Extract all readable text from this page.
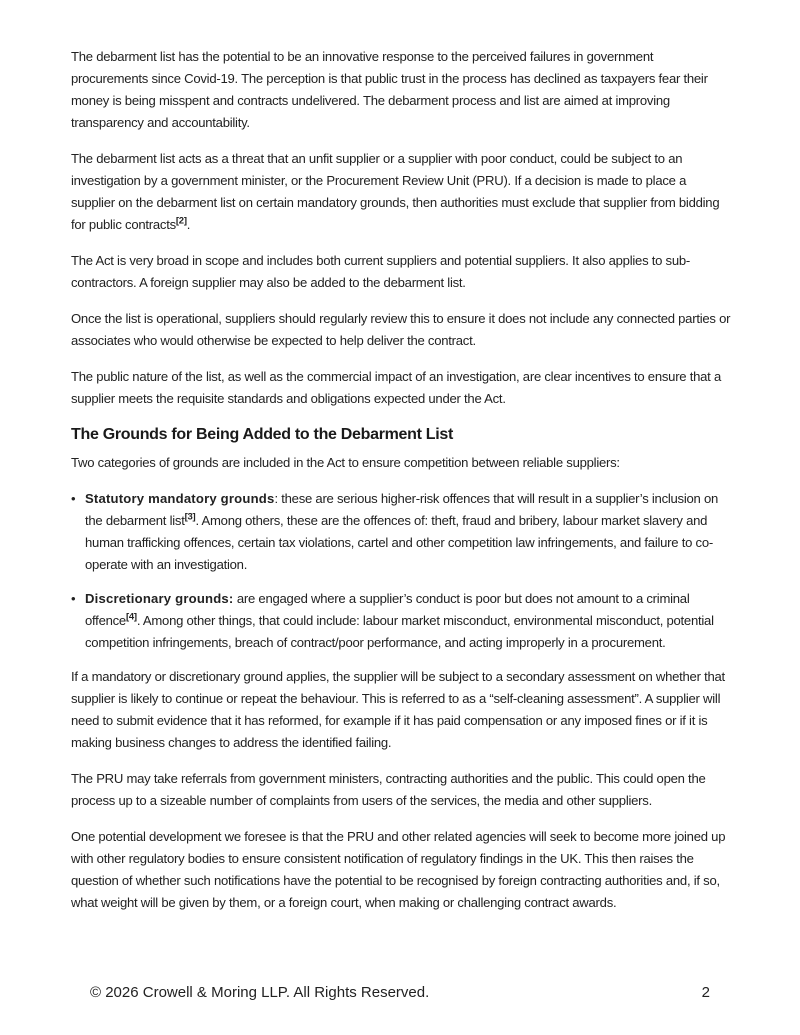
The debarment list has the potential to be an innovative response to the perceived failures in government procurements since Covid-19. The perception is that public trust in the process has declined as taxpayers fear their money is being misspent and contracts undelivered. The debarment process and list are aimed at improving transparency and accountability.

The debarment list acts as a threat that an unfit supplier or a supplier with poor conduct, could be subject to an investigation by a government minister, or the Procurement Review Unit (PRU). If a decision is made to place a supplier on the debarment list on certain mandatory grounds, then authorities must exclude that supplier from bidding for public contracts[2].

The Act is very broad in scope and includes both current suppliers and potential suppliers. It also applies to sub-contractors. A foreign supplier may also be added to the debarment list.

Once the list is operational, suppliers should regularly review this to ensure it does not include any connected parties or associates who would otherwise be expected to help deliver the contract.

The public nature of the list, as well as the commercial impact of an investigation, are clear incentives to ensure that a supplier meets the requisite standards and obligations expected under the Act.

The Grounds for Being Added to the Debarment List

Two categories of grounds are included in the Act to ensure competition between reliable suppliers:

• Statutory mandatory grounds: these are serious higher-risk offences that will result in a supplier’s inclusion on the debarment list[3]. Among others, these are the offences of: theft, fraud and bribery, labour market slavery and human trafficking offences, certain tax violations, cartel and other competition law infringements, and failure to co-operate with an investigation.
• Discretionary grounds: are engaged where a supplier’s conduct is poor but does not amount to a criminal offence[4]. Among other things, that could include: labour market misconduct, environmental misconduct, potential competition infringements, breach of contract/poor performance, and acting improperly in a procurement.

If a mandatory or discretionary ground applies, the supplier will be subject to a secondary assessment on whether that supplier is likely to continue or repeat the behaviour. This is referred to as a “self-cleaning assessment”. A supplier will need to submit evidence that it has reformed, for example if it has paid compensation or any imposed fines or if it is making business changes to address the identified failing.

The PRU may take referrals from government ministers, contracting authorities and the public. This could open the process up to a sizeable number of complaints from users of the services, the media and other suppliers.

One potential development we foresee is that the PRU and other related agencies will seek to become more joined up with other regulatory bodies to ensure consistent notification of regulatory findings in the UK. This then raises the question of whether such notifications have the potential to be recognised by foreign contracting authorities and, if so, what weight will be given by them, or a foreign court, when making or challenging contract awards.

© 2026 Crowell & Moring LLP. All Rights Reserved.	2
